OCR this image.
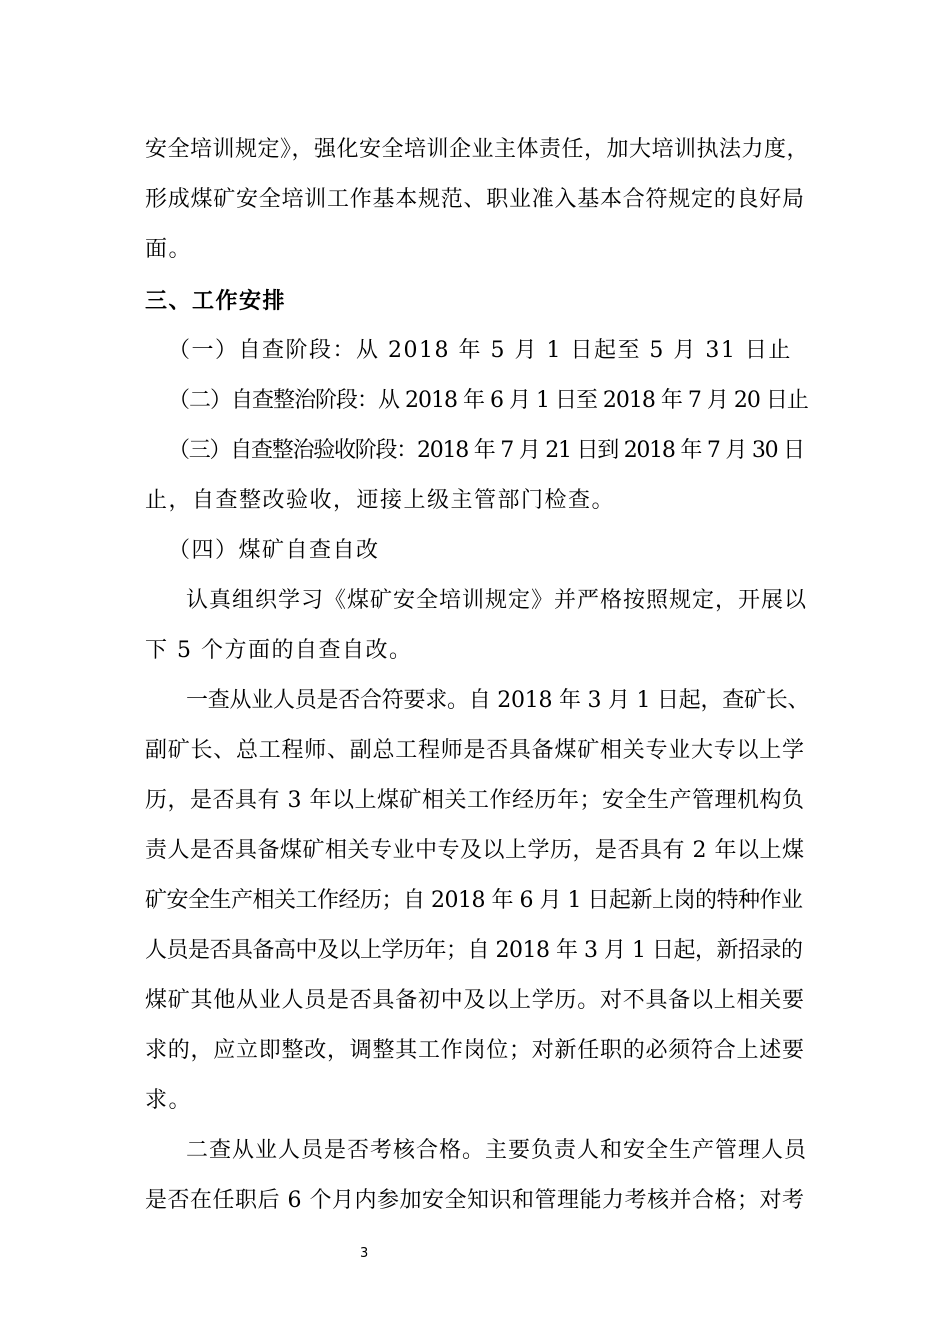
安全培训规定》，强化安全培训企业主体责任，加大培训执法力度，
形成煤矿安全培训工作基本规范、职业准入基本合符规定的良好局
面。
三、工作安排
（一）自查阶段：从 2018 年 5 月 1 日起至 5 月 31 日止
（二）自查整治阶段：从 2018 年 6 月 1 日至 2018 年 7 月 20 日止
（三）自查整治验收阶段：2018 年 7 月 21 日到 2018 年 7 月 30 日
止，自查整改验收，迊接上级主管部门检查。
（四）煤矿自查自改
认真组织学习《煤矿安全培训规定》并严格按照规定，开展以
下 5 个方面的自查自改。
一查从业人员是否合符要求。自 2018 年 3 月 1 日起，查矿长、
副矿长、总工程师、副总工程师是否具备煤矿相关专业大专以上学
历，是否具有 3 年以上煤矿相关工作经历年；安全生产管理机构负
责人是否具备煤矿相关专业中专及以上学历，是否具有 2 年以上煤
矿安全生产相关工作经历；自 2018 年 6 月 1 日起新上岗的特种作业
人员是否具备高中及以上学历年；自 2018 年 3 月 1 日起，新招录的
煤矿其他从业人员是否具备初中及以上学历。对不具备以上相关要
求的，应立即整改，调整其工作岗位；对新任职的必须符合上述要
求。
二查从业人员是否考核合格。主要负责人和安全生产管理人员
是否在任职后 6 个月内参加安全知识和管理能力考核并合格；对考
3
